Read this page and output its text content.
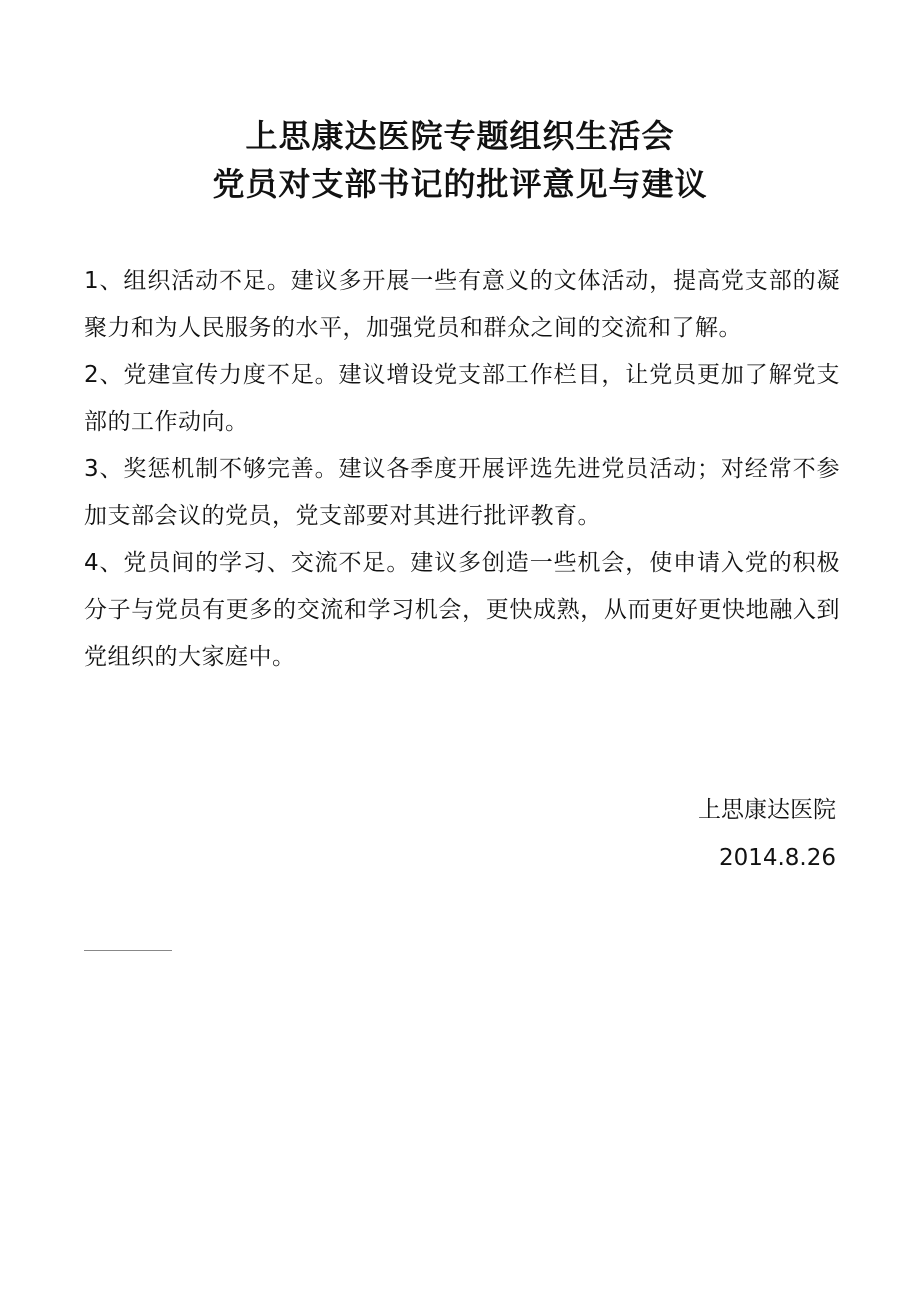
上思康达医院专题组织生活会
党员对支部书记的批评意见与建议

1、组织活动不足。建议多开展一些有意义的文体活动，提高党支部的凝聚力和为人民服务的水平，加强党员和群众之间的交流和了解。

2、党建宣传力度不足。建议增设党支部工作栏目，让党员更加了解党支部的工作动向。

3、奖惩机制不够完善。建议各季度开展评选先进党员活动；对经常不参加支部会议的党员，党支部要对其进行批评教育。

4、党员间的学习、交流不足。建议多创造一些机会，使申请入党的积极分子与党员有更多的交流和学习机会，更快成熟，从而更好更快地融入到党组织的大家庭中。

上思康达医院
2014.8.26
